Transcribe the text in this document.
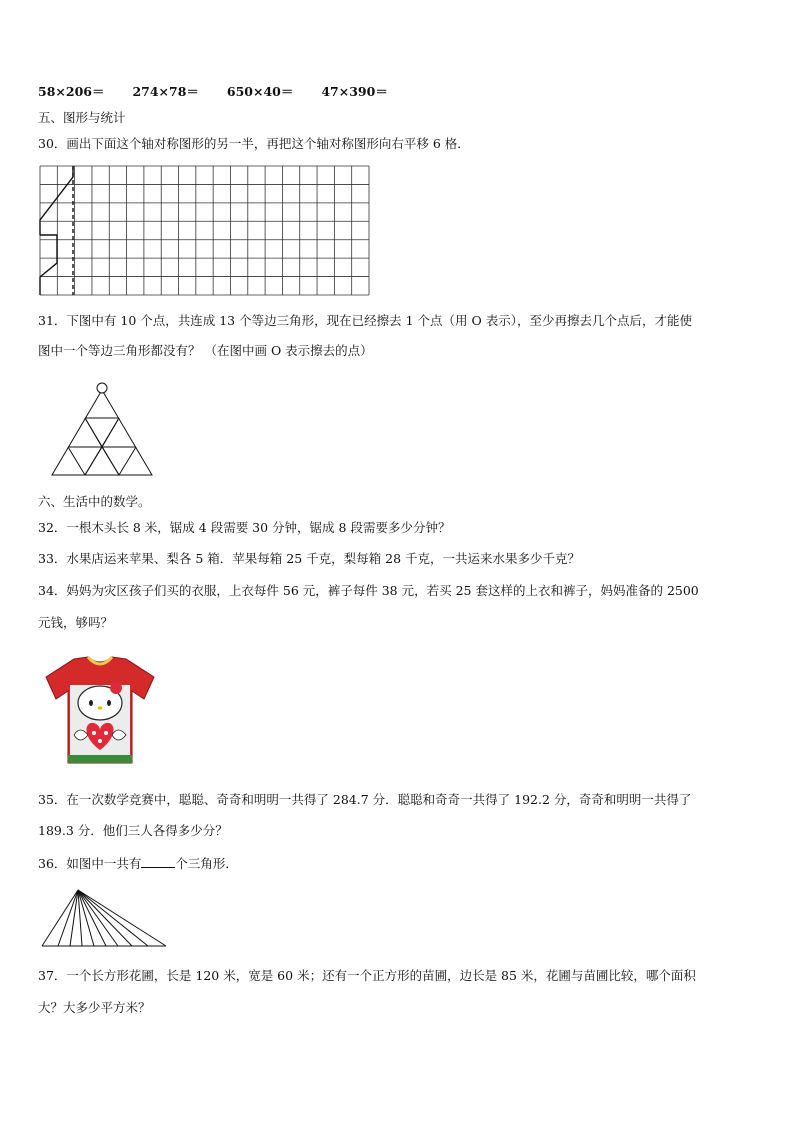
58×206＝ 274×78＝ 650×40＝ 47×390＝
五、图形与统计
30．画出下面这个轴对称图形的另一半，再把这个轴对称图形向右平移 6 格．
31．下图中有 10 个点，共连成 13 个等边三角形，现在已经擦去 1 个点（用 O 表示），至少再擦去几个点后，才能使
图中一个等边三角形都没有？ （在图中画 O 表示擦去的点）
六、生活中的数学。
32．一根木头长 8 米，锯成 4 段需要 30 分钟，锯成 8 段需要多少分钟？
33．水果店运来苹果、梨各 5 箱．苹果每箱 25 千克，梨每箱 28 千克，一共运来水果多少千克？
34．妈妈为灾区孩子们买的衣服，上衣每件 56 元，裤子每件 38 元，若买 25 套这样的上衣和裤子，妈妈准备的 2500
元钱，够吗？
35．在一次数学竞赛中，聪聪、奇奇和明明一共得了 284.7 分．聪聪和奇奇一共得了 192.2 分，奇奇和明明一共得了
189.3 分．他们三人各得多少分？
36．如图中一共有	个三角形．
37．一个长方形花圃，长是 120 米，宽是 60 米；还有一个正方形的苗圃，边长是 85 米，花圃与苗圃比较，哪个面积
大？大多少平方米？
